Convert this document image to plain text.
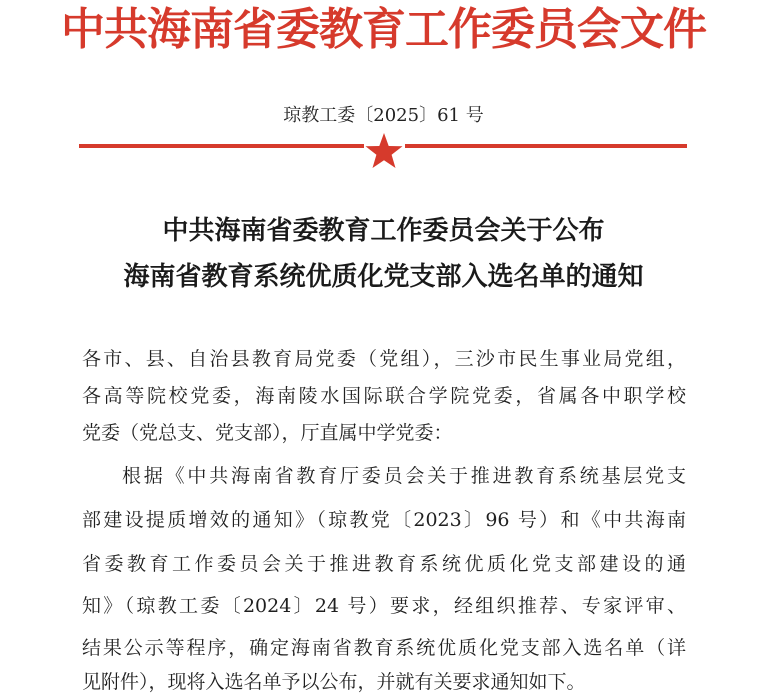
中共海南省委教育工作委员会文件
琼教工委〔2025〕61 号
中共海南省委教育工作委员会关于公布
海南省教育系统优质化党支部入选名单的通知
各市、县、自治县教育局党委（党组），三沙市民生事业局党组，
各高等院校党委，海南陵水国际联合学院党委，省属各中职学校
党委（党总支、党支部），厅直属中学党委：
根据《中共海南省教育厅委员会关于推进教育系统基层党支
部建设提质增效的通知》（琼教党〔2023〕96 号）和《中共海南
省委教育工作委员会关于推进教育系统优质化党支部建设的通
知》（琼教工委〔2024〕24 号）要求，经组织推荐、专家评审、
结果公示等程序，确定海南省教育系统优质化党支部入选名单（详
见附件），现将入选名单予以公布，并就有关要求通知如下。
